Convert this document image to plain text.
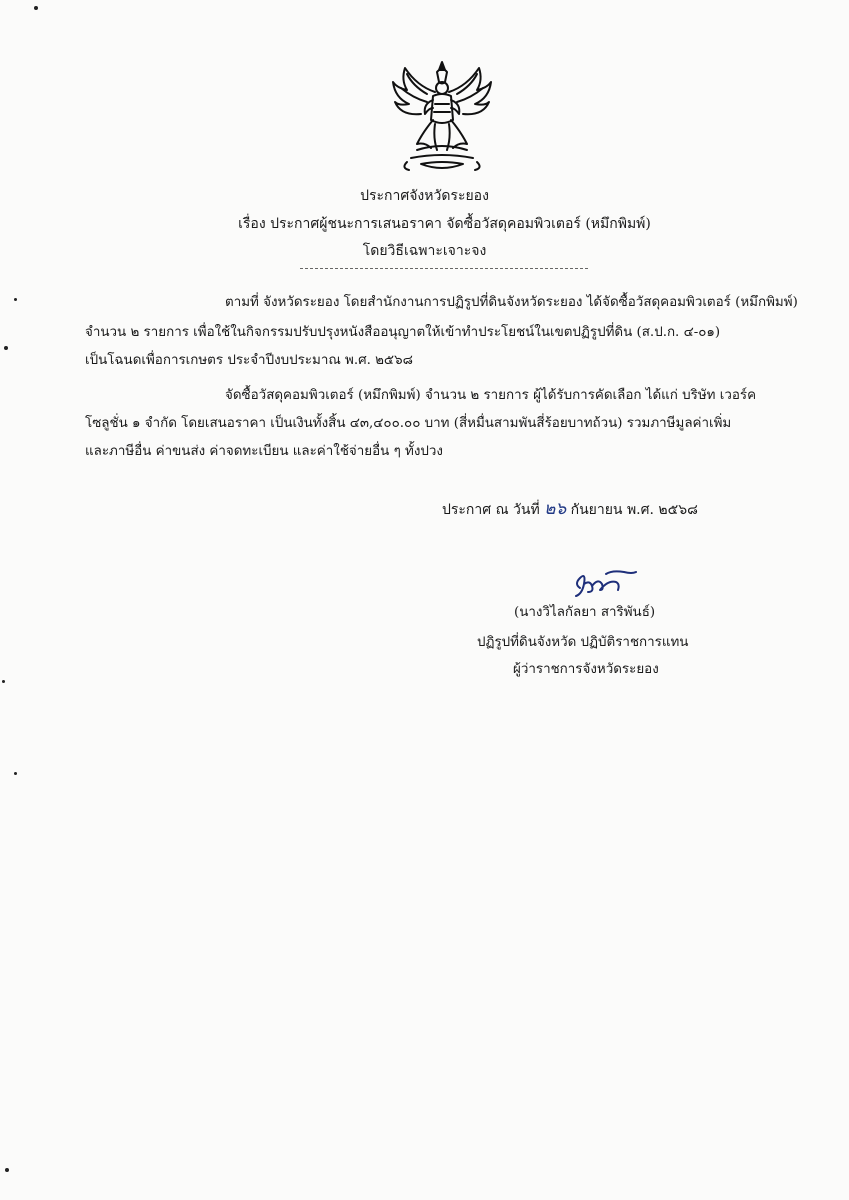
ประกาศจังหวัดระยอง
เรื่อง ประกาศผู้ชนะการเสนอราคา จัดซื้อวัสดุคอมพิวเตอร์ (หมึกพิมพ์)
โดยวิธีเฉพาะเจาะจง
ตามที่ จังหวัดระยอง โดยสำนักงานการปฏิรูปที่ดินจังหวัดระยอง ได้จัดซื้อวัสดุคอมพิวเตอร์ (หมึกพิมพ์)
จำนวน ๒ รายการ เพื่อใช้ในกิจกรรมปรับปรุงหนังสืออนุญาตให้เข้าทำประโยชน์ในเขตปฏิรูปที่ดิน (ส.ป.ก. ๔-๐๑)
เป็นโฉนดเพื่อการเกษตร ประจำปีงบประมาณ พ.ศ. ๒๕๖๘
จัดซื้อวัสดุคอมพิวเตอร์ (หมึกพิมพ์) จำนวน ๒ รายการ ผู้ได้รับการคัดเลือก ได้แก่ บริษัท เวอร์ค
โซลูชั่น ๑ จำกัด โดยเสนอราคา เป็นเงินทั้งสิ้น ๔๓,๔๐๐.๐๐ บาท (สี่หมื่นสามพันสี่ร้อยบาทถ้วน) รวมภาษีมูลค่าเพิ่ม
และภาษีอื่น ค่าขนส่ง ค่าจดทะเบียน และค่าใช้จ่ายอื่น ๆ ทั้งปวง
ประกาศ ณ วันที่ ๒๖ กันยายน พ.ศ. ๒๕๖๘
(นางวิไลกัลยา สาริพันธ์)
ปฏิรูปที่ดินจังหวัด ปฏิบัติราชการแทน
ผู้ว่าราชการจังหวัดระยอง
